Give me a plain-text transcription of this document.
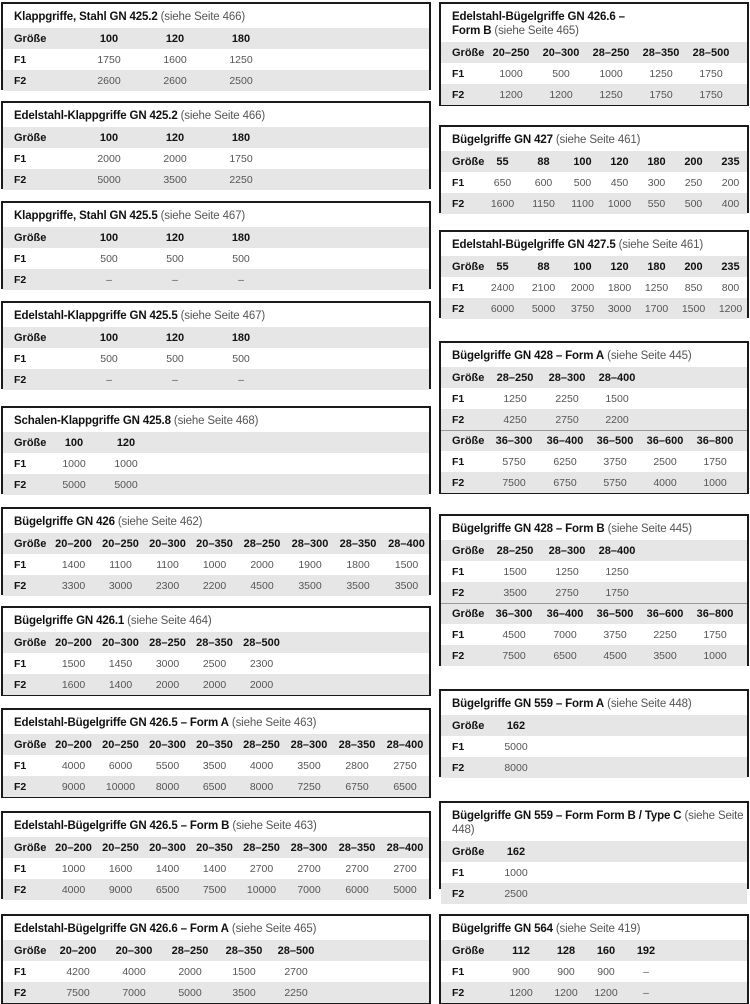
Klappgriffe, Stahl GN 425.2 (siehe Seite 466)
Größe	100	120	180
F1	1750	1600	1250
F2	2600	2600	2500
Edelstahl-Klappgriffe GN 425.2 (siehe Seite 466)
Größe	100	120	180
F1	2000	2000	1750
F2	5000	3500	2250
Klappgriffe, Stahl GN 425.5 (siehe Seite 467)
Größe	100	120	180
F1	500	500	500
F2	–	–	–
Edelstahl-Klappgriffe GN 425.5 (siehe Seite 467)
Größe	100	120	180
F1	500	500	500
F2	–	–	–
Schalen-Klappgriffe GN 425.8 (siehe Seite 468)
Größe	100	120
F1	1000	1000
F2	5000	5000
Bügelgriffe GN 426 (siehe Seite 462)
Größe 20–200 20–250 20–300 20–350 28–250	28–300	28–350	28–400
F1	1400	1100	1100	1000	2000	1900	1800	1500
F2	3300	3000	2300	2200	4500	3500	3500	3500
Bügelgriffe GN 426.1 (siehe Seite 464)
Größe 20–200 20–300 28–250 28–350 28–500
F1	1500	1450	3000	2500	2300
F2	1600	1400	2000	2000	2000
Edelstahl-Bügelgriffe GN 426.5 – Form A (siehe Seite 463)
Größe 20–200 20–250 20–300 20–350 28–250 28–300	28–350	28–400
F1	4000	6000	5500	3500	4000	3500	2800	2750
F2	9000	10000	8000	6500	8000	7250	6750	6500
Edelstahl-Bügelgriffe GN 426.5 – Form B (siehe Seite 463)
Größe 20–200 20–250 20–300 20–350 28–250 28–300	28–350	28–400
F1	1000	1600	1400	1400	2700	2700	2700	2700
F2	4000	9000	6500	7500	10000	7000	6000	5000
Edelstahl-Bügelgriffe GN 426.6 – Form A (siehe Seite 465)
Größe	20–200	20–300	28–250	28–350	28–500
F1	4200	4000	2000	1500	2700
F2	7500	7000	5000	3500	2250
Edelstahl-Bügelgriffe GN 426.6 –
Form B (siehe Seite 465)
Größe 20–250	20–300	28–250	28–350	28–500
F1	1000	500	1000	1250	1750
F2	1200	1200	1250	1750	1750
Bügelgriffe GN 427 (siehe Seite 461)
Größe	55	88	100	120	180	200	235
F1	650	600	500	450	300	250	200
F2	1600	1150	1100	1000	550	500	400
Edelstahl-Bügelgriffe GN 427.5 (siehe Seite 461)
Größe	55	88	100	120	180	200	235
F1	2400	2100	2000	1800	1250	850	800
F2	6000	5000	3750	3000	1700	1500	1200
Bügelgriffe GN 428 – Form A (siehe Seite 445)
Größe	28–250	28–300	28–400
F1	1250	2250	1500
F2	4250	2750	2200
Größe	36–300	36–400	36–500	36–600	36–800
F1	5750	6250	3750	2500	1750
F2	7500	6750	5750	4000	1000
Bügelgriffe GN 428 – Form B (siehe Seite 445)
Größe	28–250	28–300	28–400
F1	1500	1250	1250
F2	3500	2750	1750
Größe	36–300	36–400	36–500	36–600	36–800
F1	4500	7000	3750	2250	1750
F2	7500	6500	4500	3500	1000
Bügelgriffe GN 559 – Form A (siehe Seite 448)
Größe	162
F1	5000
F2	8000
Bügelgriffe GN 559 – Form Form B / Type C (siehe Seite 448)
Größe	162
F1	1000
F2	2500
Bügelgriffe GN 564 (siehe Seite 419)
Größe	112	128	160	192
F1	900	900	900	–
F2	1200	1200	1200	–
